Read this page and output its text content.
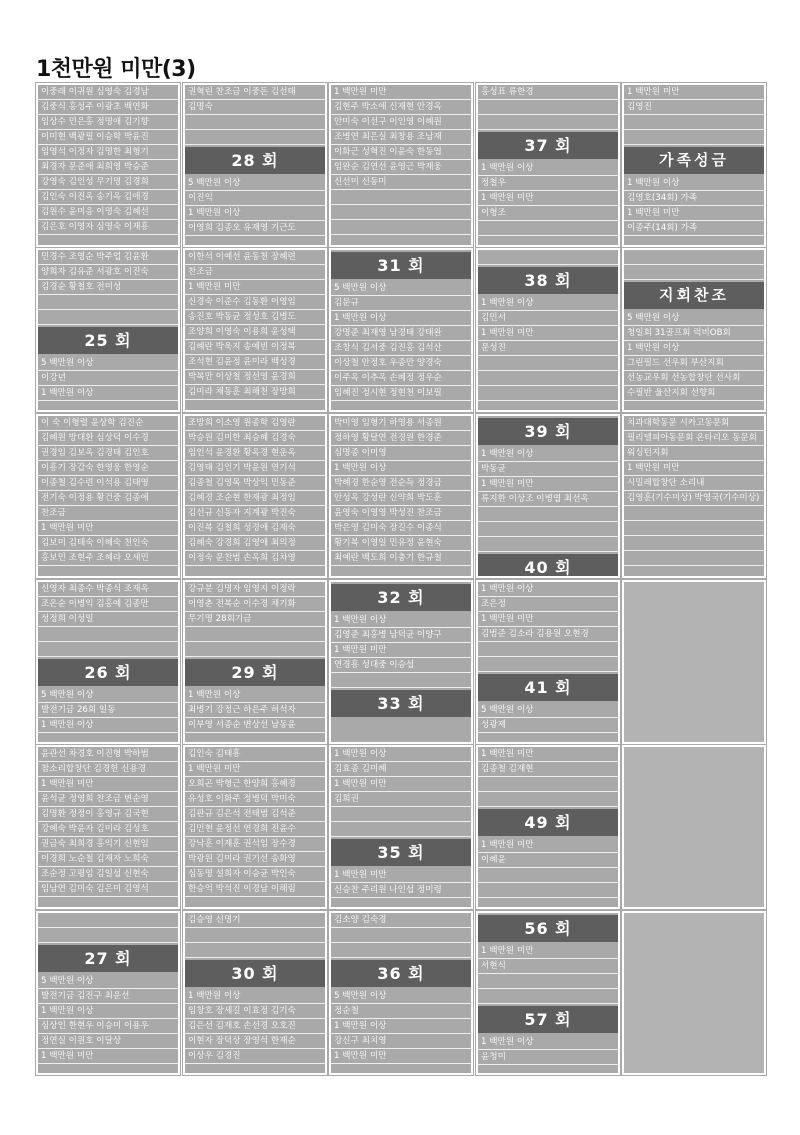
1천만원 미만(3)
이중래 이귀원 심영숙 김경남
김중식 홍성주 이광초 백연화
임상수 민은홍 정명애 김기향
이미현 백광필 이승학 박윤진
임영석 이정자 김명한 최형기
최경자 문준애 최희영 박승준
강영숙 김인성 무기명 김경희
김인숙 이진옥 송기옥 김애경
김원수 윤미응 이명숙 김혜선
김은호 이영자 심영숙 이재흥
권혁린 찬조금 이중돈 김선태
김명숙
28 회
5 백만원 이상
이진익
1 백만원 이상
이영희 김종오 유재영 기근도
1 백만원 미만
김현주 박소애 신재현 안경옥
안미숙 이선구 이인영 이혜원
조병연 최은실 최창용 조남재
이화근 성혁진 이윤숙 한동엽
임완순 김연선 윤영근 박재웅
신선미 신동미
홍성표 류한경
37 회
1 백만원 이상
정철우
1 백만원 미만
이형조
1 백만원 미만
김영진
가족성금
1 백만원 이상
김영호(34회) 가족
1 백만원 미만
이종주(14회) 가족
민경수 조영순 박주업 김윤환
양희자 김유준 서광호 이진숙
김경순 황철호 전미성
25 회
5 백만원 이상
이강년
1 백만원 이상
이한석 이예선 윤동천 장혜련
찬조금
1 백만원 미만
신경숙 이준수 김동환 이영임
송진호 박동균 정성호 김병도
조양희 이영숙 이용희 윤성택
김혜란 박욱지 송예빈 이정복
조석현 김윤정 윤미라 백성경
박복만 이상철 정선영 윤경희
김미라 채동훈 최해천 장방희
31 회
5 백만원 이상
김문규
1 백만원 이상
강명준 최재영 남경태 강태완
조창식 김서중 김진홍 김석산
이상철 안정호 우종만 양경숙
이주옥 이추옥 손혜정 정우순
임혜진 정시현 정현천 이보필
38 회
1 백만원 이상
김민서
1 백만원 미만
문성진
지회찬조
5 백만원 이상
청일회 31골프회 럭비OB회
1 백만원 이상
그린필드 선우회 부산지회
선농교우회 선농합창단 선사회
수필반 울산지회 선향회
이 숙 이형렬 윤상학 김진순
김혜원 방대환 심상덕 이수경
권경임 김보옥 김경태 김인호
이흥기 장갑숙 한영웅 한영순
이종철 김수련 이석용 김태영
전기숙 이정용 황건중 김종애
찬조금
1 백만원 미만
김보미 김태숙 이혜숙 천인숙
홍보민 조현주 조혜라 오세민
조방희 이소영 원종학 김영란
박승원 김미한 최승혜 김경숙
임인석 윤경환 황옥경 현운옥
김영태 김인기 박윤원 연기석
김종철 김영목 박상익 민동준
김혜경 조순현 한재광 최정임
김선규 신동자 지계광 박진숙
이진복 김철희 성경애 김재숙
김혜숙 강경희 김영애 최의정
이정숙 문찬범 손옥희 김차영
박미영 임형기 하영용 서종원
정하영 황달연 전경원 한경준
심명종 이미영
1 백만원 이상
박혜경 한순영 전순득 정경금
안성옥 강성란 신약희 박도훈
윤영숙 이영영 박성진 찬조금
박은영 김미숙 장길수 이종식
황기복 이영일 민유정 윤현숙
최예란 백도희 이충기 한규철
39 회
1 백만원 이상
박동균
1 백만원 미만
류지한 이상조 이병엽 최선옥
40 회
치과대학동문 시카고동문회
필리델피아동문회 온타리오 동문회
워싱턴지회
1 백만원 미만
시밀레합창단 소리내
김영훈(기수미상) 박영국(기수미상)
신영자 최종수 박종식 조재옥
조온순 이병익 김홍예 김종만
성정희 이성일
26 회
5 백만원 이상
발전기금 26회 일동
1 백만원 이상
강규분 김명자 임영지 이정락
이영춘 전복순 이수경 채기화
무기명 28회기금
29 회
1 백만원 이상
최병기 강정근 하은주 허석자
이부영 서종순 변상선 남동윤
32 회
1 백만원 이상
김영준 최홍병 남덕균 이양구
1 백만원 미만
연경흥 성대중 이승섭
33 회
1 백만원 이상
조은정
1 백만원 미만
김범준 김소라 김용원 오현경
41 회
5 백만원 이상
성광제
윤관선 차경호 이진형 박하범
참소리합창단 김경헌 신용경
1 백만원 미만
윤석균 정영희 찬조금 변순영
김명환 정정이 홍영규 김국현
강혜숙 박윤자 김미라 김성호
권금숙 최희경 홍익기 신현임
이경희 노순철 김재자 노희숙
조순정 고평임 김일섭 신현숙
임남연 김미숙 김은미 김영석
김인숙 김태흥
1 백만원 미만
오희곤 박형근 한양희 홍혜경
유성호 이화주 정병덕 박미숙
김판규 김은석 전태범 김석준
김민현 윤정선 연경희 전윤수
강낙훈 이재훈 권석임 장수경
박광원 김미라 권기선 송화영
심동명 설희자 이승균 박인숙
한승억 박석진 이경남 이해림
1 백만원 이상
김효종 김미혜
1 백만원 미만
김희권
35 회
1 백만원 미만
신승찬 주리원 나인섭 정미령
1 백만원 미만
김종철 김재현
49 회
1 백만원 미만
이혜윤
27 회
5 백만원 이상
발전기금 김진구 최운선
1 백만원 이상
심상인 한현우 이승미 이용우
정연실 이원호 이달상
1 백만원 미만
김승영 신명기
30 회
1 백만원 이상
임창호 장세길 이효정 김기숙
김은선 김재호 손선경 오호진
이현자 장덕상 장영석 한재순
이상우 김경진
김소양 김숙경
36 회
5 백만원 이상
정순철
1 백만원 이상
강신구 최치영
1 백만원 미만
56 회
1 백만원 미만
서현식
57 회
1 백만원 이상
윤청미
